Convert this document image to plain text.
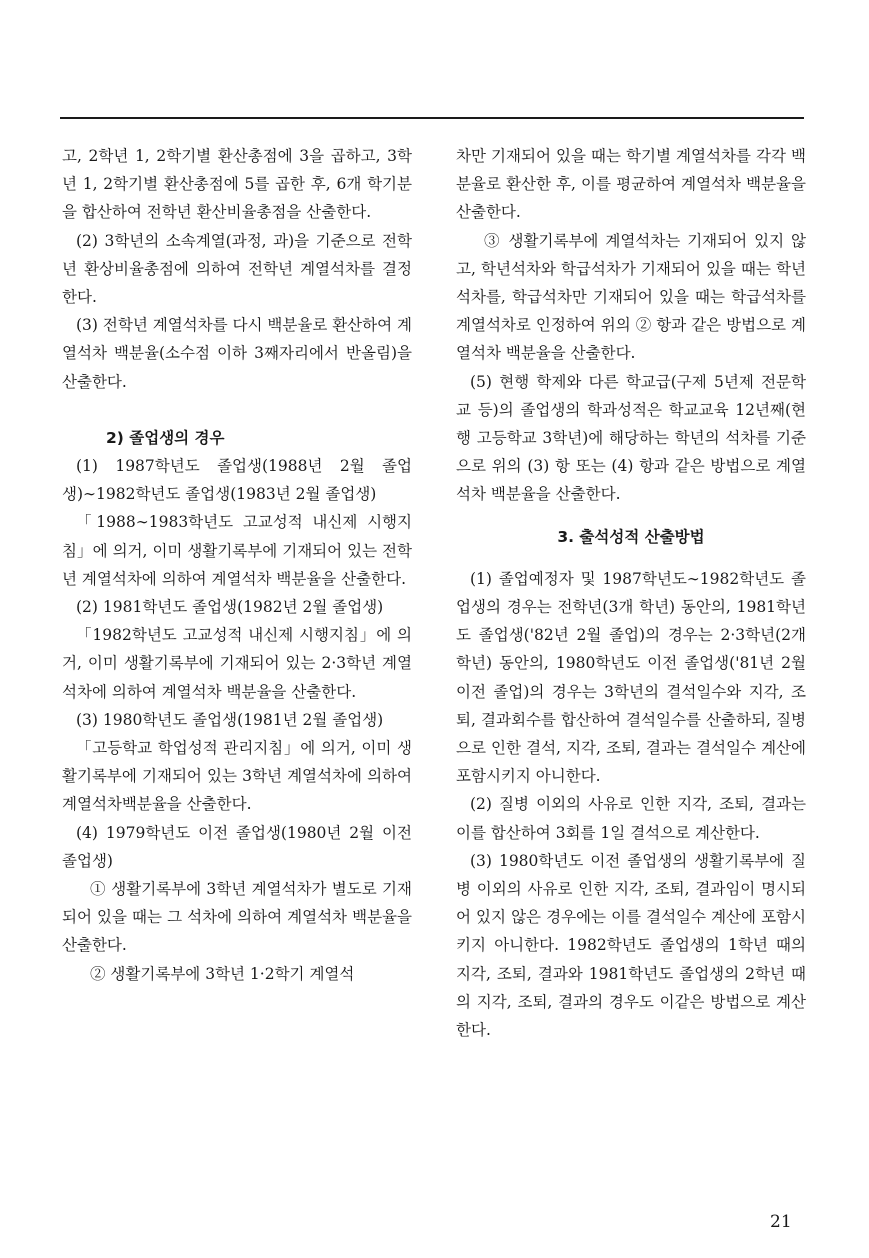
고, 2학년 1, 2학기별 환산총점에 3을 곱하고, 3학년 1, 2학기별 환산총점에 5를 곱한 후, 6개 학기분을 합산하여 전학년 환산비율총점을 산출한다.

(2) 3학년의 소속계열(과정, 과)을 기준으로 전학년 환상비율총점에 의하여 전학년 계열석차를 결정한다.

(3) 전학년 계열석차를 다시 백분율로 환산하여 계열석차 백분율(소수점 이하 3째자리에서 반올림)을 산출한다.

2) 졸업생의 경우

(1) 1987학년도 졸업생(1988년 2월 졸업생)∼1982학년도 졸업생(1983년 2월 졸업생)

「1988∼1983학년도 고교성적 내신제 시행지침」에 의거, 이미 생활기록부에 기재되어 있는 전학년 계열석차에 의하여 계열석차 백분율을 산출한다.

(2) 1981학년도 졸업생(1982년 2월 졸업생)

「1982학년도 고교성적 내신제 시행지침」에 의거, 이미 생활기록부에 기재되어 있는 2·3학년 계열석차에 의하여 계열석차 백분율을 산출한다.

(3) 1980학년도 졸업생(1981년 2월 졸업생)

「고등학교 학업성적 관리지침」에 의거, 이미 생활기록부에 기재되어 있는 3학년 계열석차에 의하여 계열석차백분율을 산출한다.

(4) 1979학년도 이전 졸업생(1980년 2월 이전졸업생)

① 생활기록부에 3학년 계열석차가 별도로 기재되어 있을 때는 그 석차에 의하여 계열석차 백분율을 산출한다.

② 생활기록부에 3학년 1·2학기 계열석

차만 기재되어 있을 때는 학기별 계열석차를 각각 백분율로 환산한 후, 이를 평균하여 계열석차 백분율을 산출한다.

③ 생활기록부에 계열석차는 기재되어 있지 않고, 학년석차와 학급석차가 기재되어 있을 때는 학년석차를, 학급석차만 기재되어 있을 때는 학급석차를 계열석차로 인정하여 위의 ② 항과 같은 방법으로 계열석차 백분율을 산출한다.

(5) 현행 학제와 다른 학교급(구제 5년제 전문학교 등)의 졸업생의 학과성적은 학교교육 12년째(현행 고등학교 3학년)에 해당하는 학년의 석차를 기준으로 위의 (3) 항 또는 (4) 항과 같은 방법으로 계열석차 백분율을 산출한다.

3. 출석성적 산출방법

(1) 졸업예정자 및 1987학년도∼1982학년도 졸업생의 경우는 전학년(3개 학년) 동안의, 1981학년도 졸업생('82년 2월 졸업)의 경우는 2·3학년(2개 학년) 동안의, 1980학년도 이전 졸업생('81년 2월 이전 졸업)의 경우는 3학년의 결석일수와 지각, 조퇴, 결과회수를 합산하여 결석일수를 산출하되, 질병으로 인한 결석, 지각, 조퇴, 결과는 결석일수 계산에 포함시키지 아니한다.

(2) 질병 이외의 사유로 인한 지각, 조퇴, 결과는 이를 합산하여 3회를 1일 결석으로 계산한다.

(3) 1980학년도 이전 졸업생의 생활기록부에 질병 이외의 사유로 인한 지각, 조퇴, 결과임이 명시되어 있지 않은 경우에는 이를 결석일수 계산에 포함시키지 아니한다. 1982학년도 졸업생의 1학년 때의 지각, 조퇴, 결과와 1981학년도 졸업생의 2학년 때의 지각, 조퇴, 결과의 경우도 이같은 방법으로 계산한다.

21
